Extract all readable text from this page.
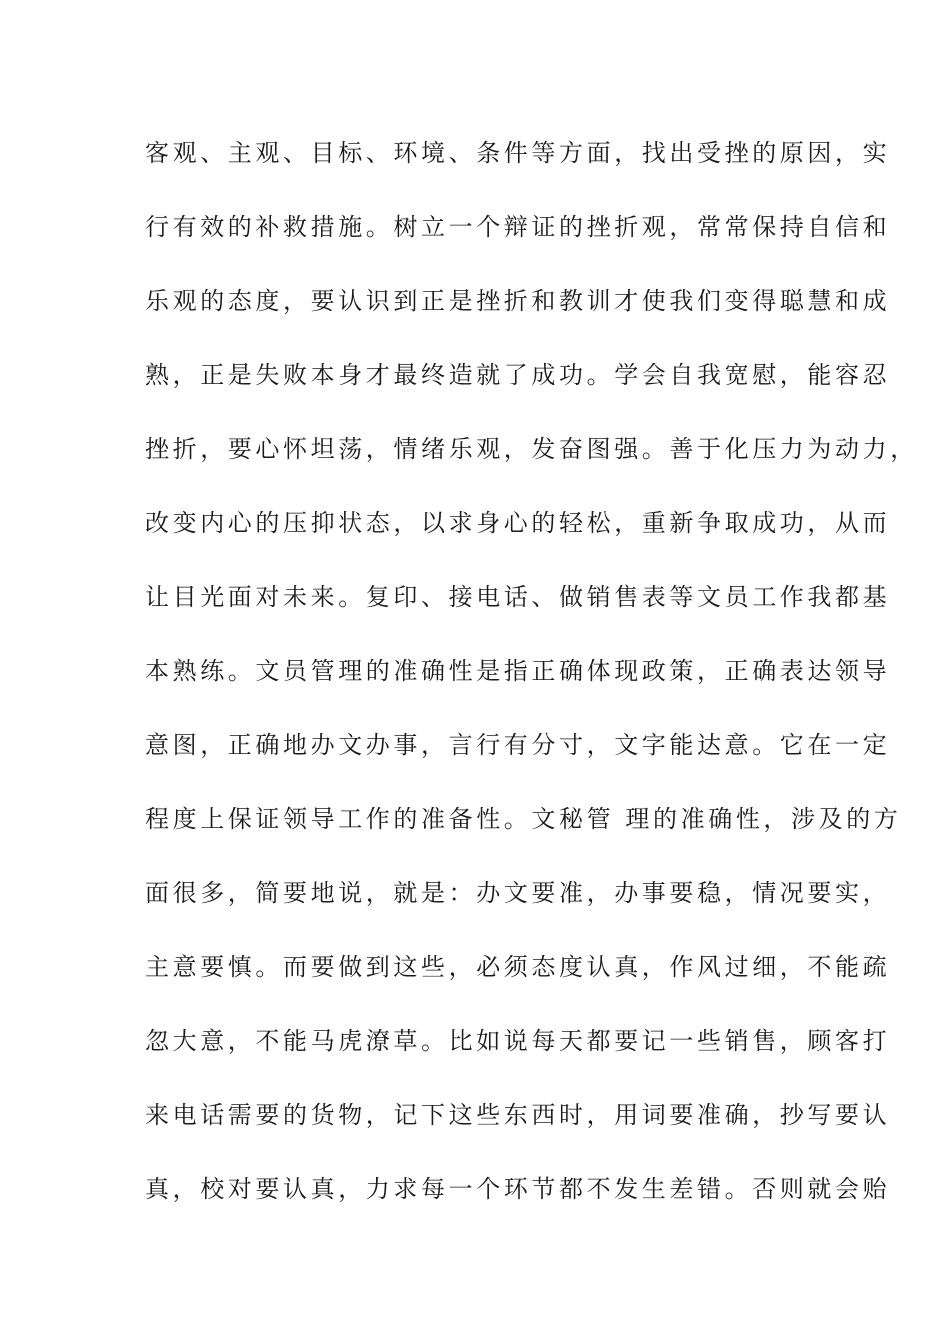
客观、主观、目标、环境、条件等方面，找出受挫的原因，实
行有效的补救措施。树立一个辩证的挫折观，常常保持自信和
乐观的态度，要认识到正是挫折和教训才使我们变得聪慧和成
熟，正是失败本身才最终造就了成功。学会自我宽慰，能容忍
挫折，要心怀坦荡，情绪乐观，发奋图强。善于化压力为动力，
改变内心的压抑状态，以求身心的轻松，重新争取成功，从而
让目光面对未来。复印、接电话、做销售表等文员工作我都基
本熟练。文员管理的准确性是指正确体现政策，正确表达领导
意图，正确地办文办事，言行有分寸，文字能达意。它在一定
程度上保证领导工作的准备性。文秘管 理的准确性，涉及的方
面很多，简要地说，就是：办文要准，办事要稳，情况要实，
主意要慎。而要做到这些，必须态度认真，作风过细，不能疏
忽大意，不能马虎潦草。比如说每天都要记一些销售，顾客打
来电话需要的货物，记下这些东西时，用词要准确，抄写要认
真，校对要认真，力求每一个环节都不发生差错。否则就会贻
